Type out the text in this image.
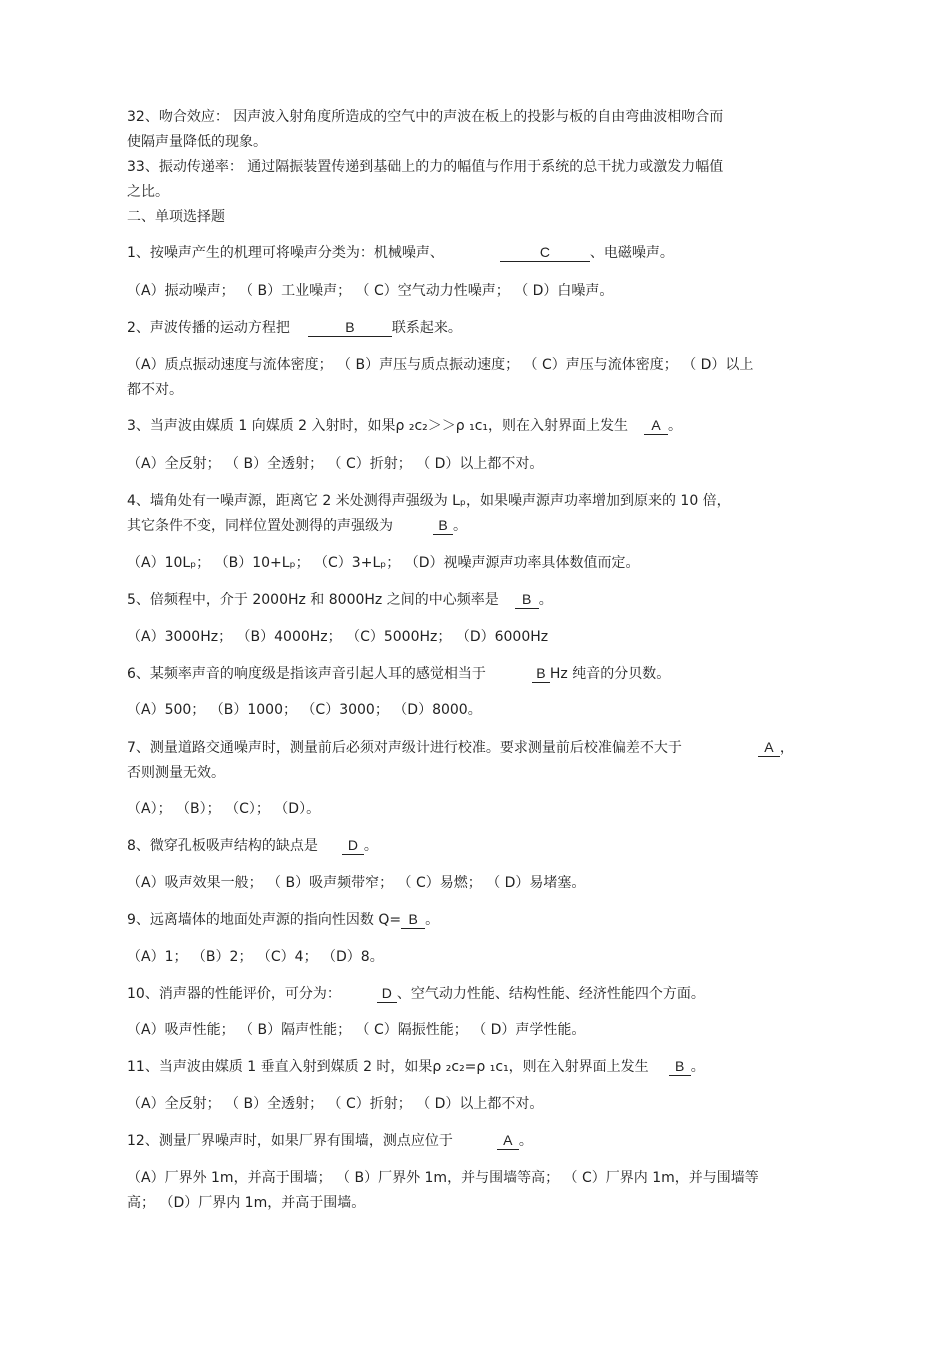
32、吻合效应： 因声波入射角度所造成的空气中的声波在板上的投影与板的自由弯曲波相吻合而
使隔声量降低的现象。
33、振动传递率： 通过隔振装置传递到基础上的力的幅值与作用于系统的总干扰力或激发力幅值
之比。
二、单项选择题
1、按噪声产生的机理可将噪声分类为：机械噪声、	C	、电磁噪声。
（A）振动噪声； （ B）工业噪声； （ C）空气动力性噪声； （ D）白噪声。
2、声波传播的运动方程把	B	联系起来。
（A）质点振动速度与流体密度； （ B）声压与质点振动速度； （ C）声压与流体密度； （ D）以上
都不对。
3、当声波由媒质 1 向媒质 2 入射时，如果ρ ₂c₂＞＞ρ ₁c₁，则在入射界面上发生 A 。
（A）全反射； （ B）全透射； （ C）折射； （ D）以上都不对。
4、墙角处有一噪声源，距离它 2 米处测得声强级为 Lₚ，如果噪声源声功率增加到原来的 10 倍，
其它条件不变，同样位置处测得的声强级为	B 。
（A）10Lₚ； （B）10+Lₚ； （C）3+Lₚ； （D）视噪声源声功率具体数值而定。
5、倍频程中，介于 2000Hz 和 8000Hz 之间的中心频率是 B 。
（A）3000Hz； （B）4000Hz； （C）5000Hz； （D）6000Hz
6、某频率声音的响度级是指该声音引起人耳的感觉相当于	B Hz 纯音的分贝数。
（A）500； （B）1000； （C）3000； （D）8000。
7、测量道路交通噪声时，测量前后必须对声级计进行校准。要求测量前后校准偏差不大于	A ，
否则测量无效。
（A）； （B）； （C）； （D）。
8、微穿孔板吸声结构的缺点是 D 。
（A）吸声效果一般； （ B）吸声频带窄； （ C）易燃； （ D）易堵塞。
9、远离墙体的地面处声源的指向性因数 Q= B 。
（A）1； （B）2； （C）4； （D）8。
10、消声器的性能评价，可分为：	D 、空气动力性能、结构性能、经济性能四个方面。
（A）吸声性能； （ B）隔声性能； （ C）隔振性能； （ D）声学性能。
11、当声波由媒质 1 垂直入射到媒质 2 时，如果ρ ₂c₂=ρ ₁c₁，则在入射界面上发生 B 。
（A）全反射； （ B）全透射； （ C）折射； （ D）以上都不对。
12、测量厂界噪声时，如果厂界有围墙，测点应位于	A 。
（A）厂界外 1m，并高于围墙； （ B）厂界外 1m，并与围墙等高； （ C）厂界内 1m，并与围墙等
高； （D）厂界内 1m，并高于围墙。
